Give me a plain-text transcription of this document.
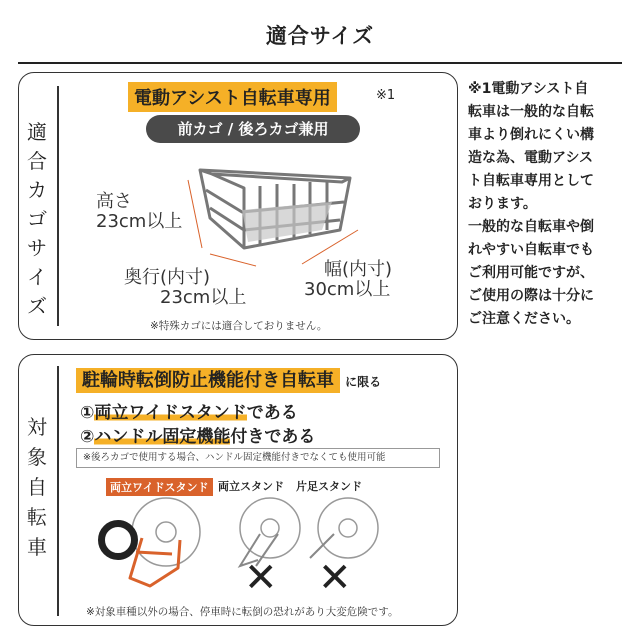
適合サイズ
適合カゴサイズ
電動アシスト自転車専用	※1
前カゴ / 後ろカゴ兼用
高さ
23cm以上
奥行(内寸)
23cm以上
幅(内寸)
30cm以上
※特殊カゴには適合しておりません。
※1電動アシスト自
転車は一般的な自転
車より倒れにくい構
造な為、電動アシス
ト自転車専用として
おります。
一般的な自転車や倒
れやすい自転車でも
ご利用可能ですが、
ご使用の際は十分に
ご注意ください。
対象自転車
駐輪時転倒防止機能付き自転車 に限る
①両立ワイドスタンドである
②ハンドル固定機能付きである
※後ろカゴで使用する場合、ハンドル固定機能付きでなくても使用可能
両立ワイドスタンド 両立スタンド 片足スタンド
✕ ✕
※対象車種以外の場合、停車時に転倒の恐れがあり大変危険です。
